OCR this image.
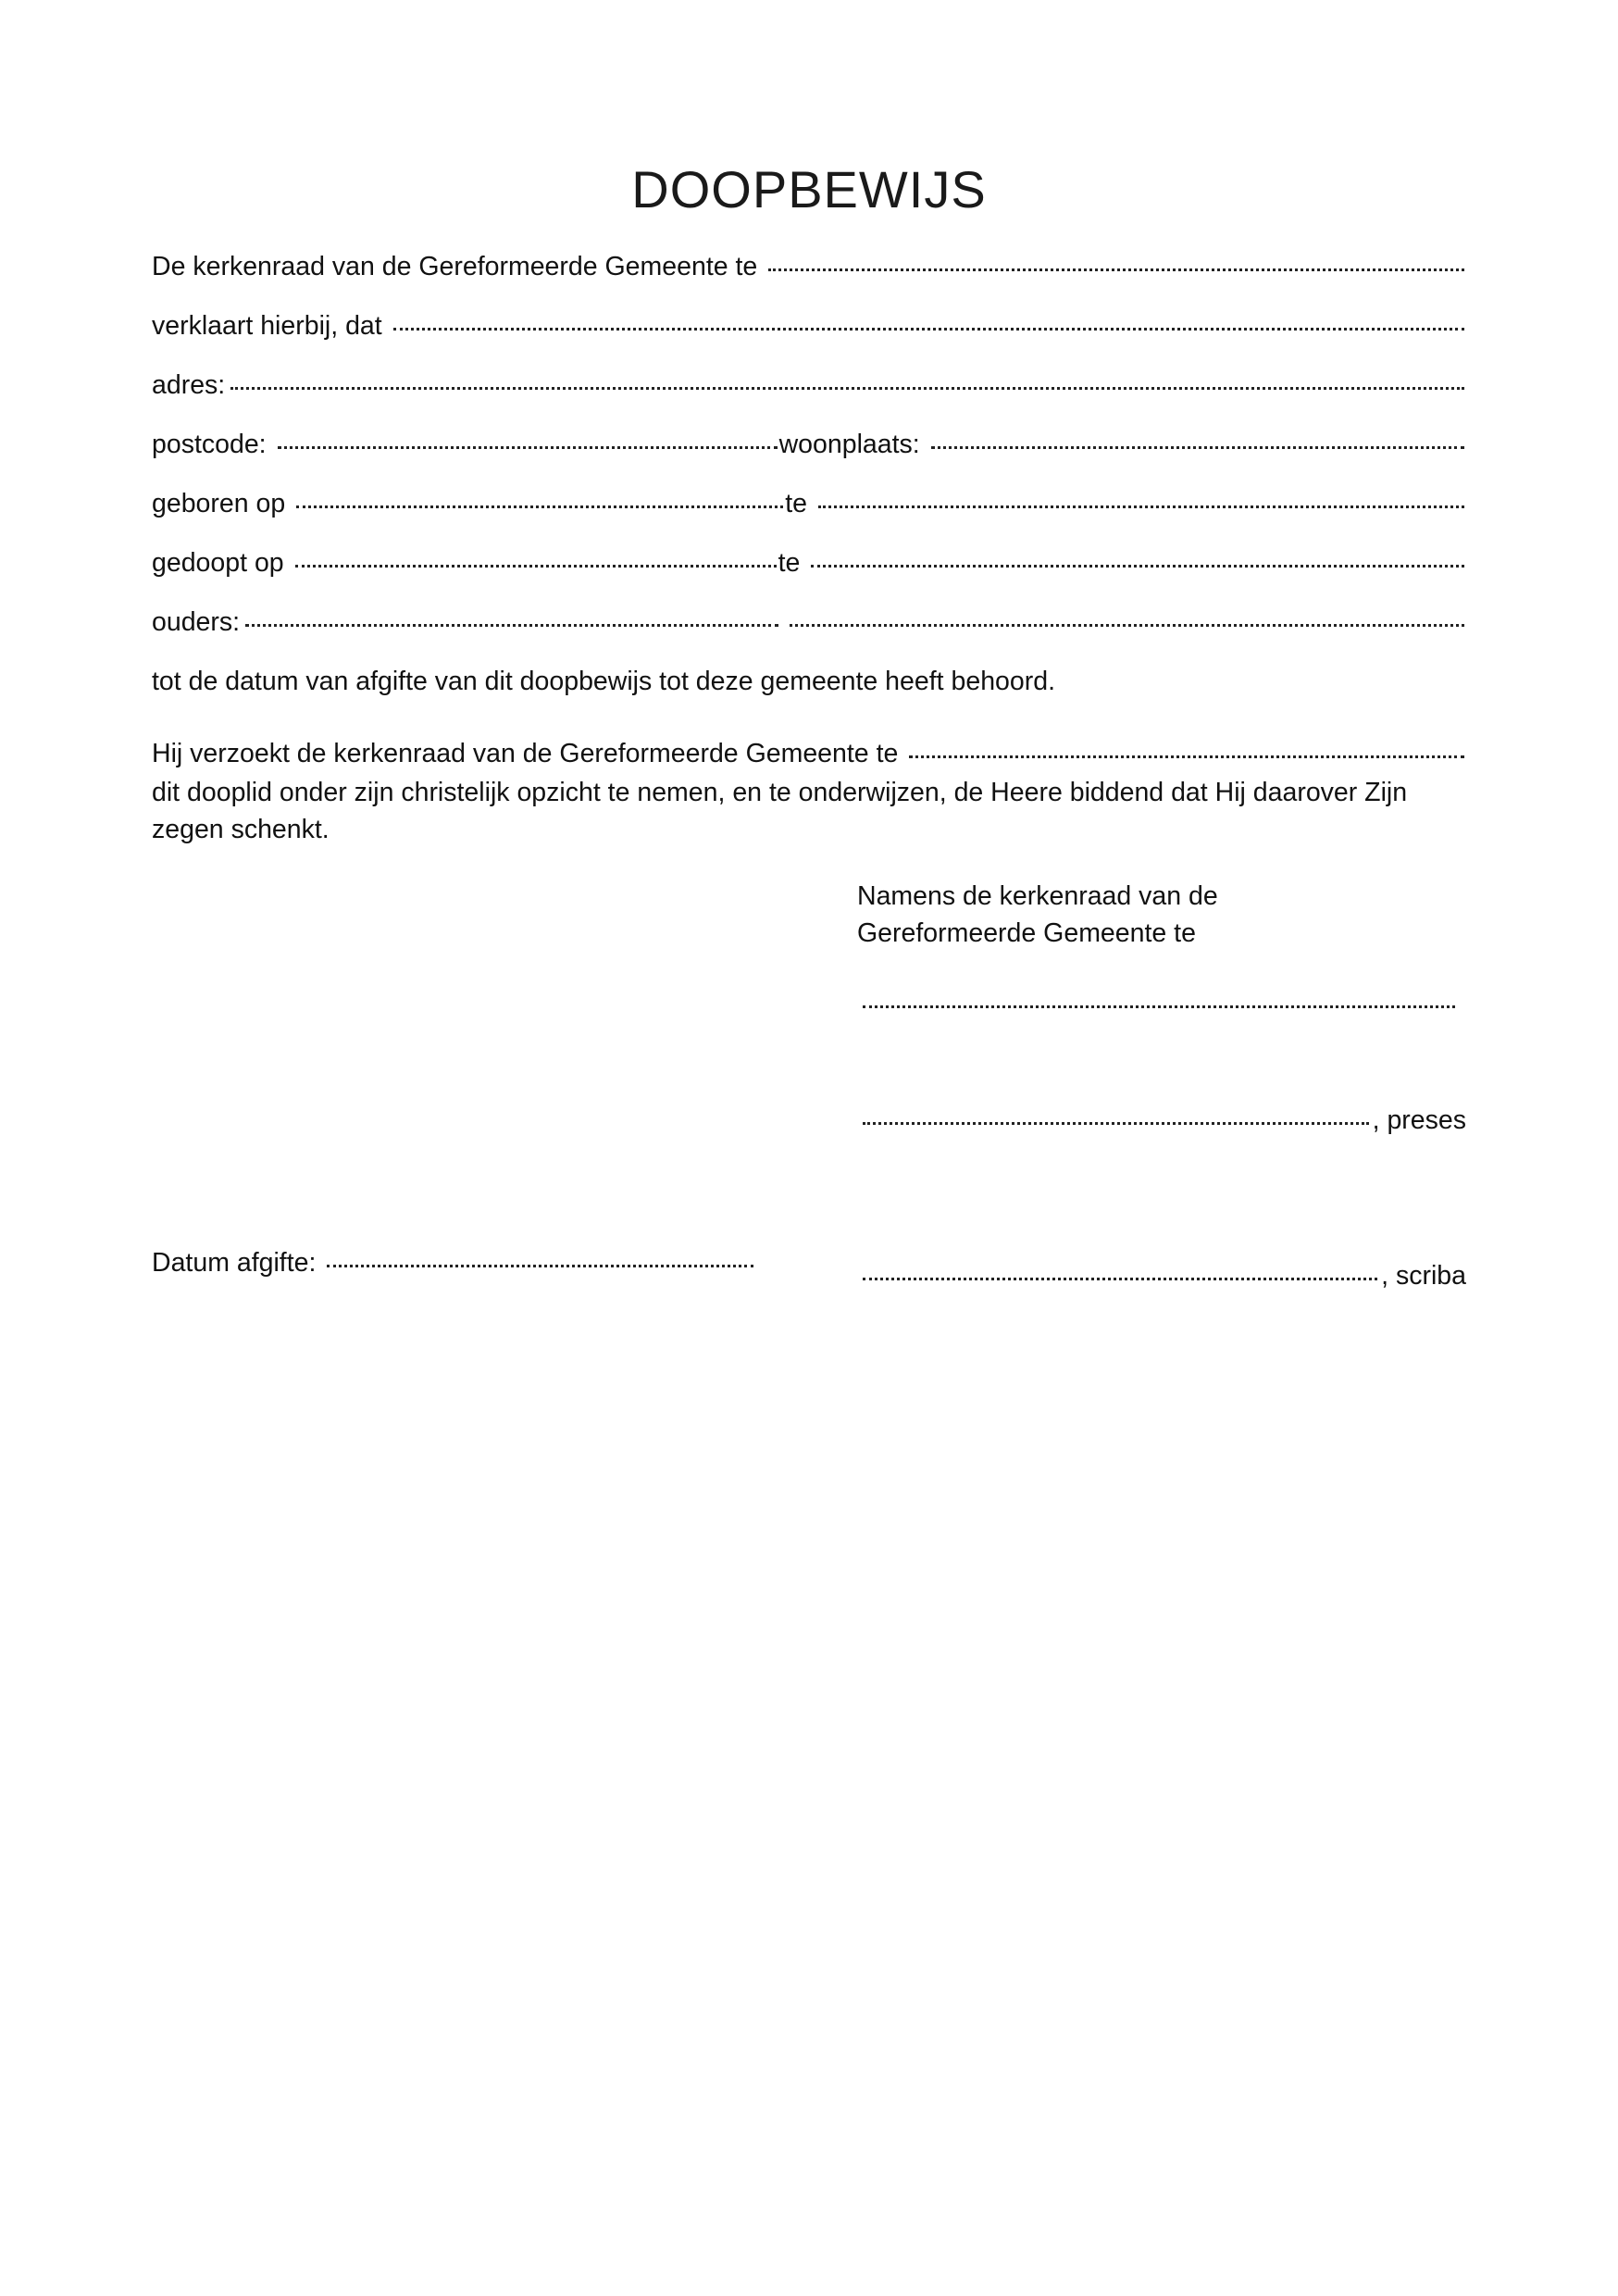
DOOPBEWIJS
De kerkenraad van de Gereformeerde Gemeente te
verklaart hierbij, dat
adres:
postcode:	woonplaats:
geboren op	te
gedoopt op	te
ouders:

tot de datum van afgifte van dit doopbewijs tot deze gemeente heeft behoord.

Hij verzoekt de kerkenraad van de Gereformeerde Gemeente te

dit dooplid onder zijn christelijk opzicht te nemen, en te onderwijzen, de Heere biddend dat Hij daarover Zijn zegen schenkt.

Namens de kerkenraad van de
Gereformeerde Gemeente te
, preses
Datum afgifte:	, scriba
